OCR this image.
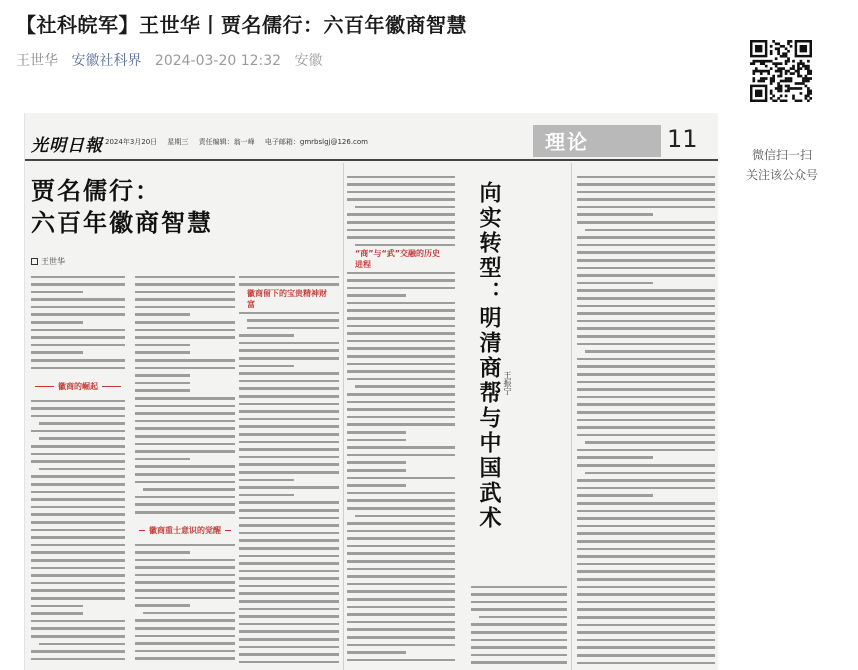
【社科皖军】王世华丨贾名儒行：六百年徽商智慧
王世华 安徽社科界 2024-03-20 12:32 安徽
微信扫一扫
关注该公众号
光明日報 2024年3月20日 星期三 责任编辑：翁一峰 电子邮箱：gmrbslgj@126.com	理论	11
贾名儒行：
六百年徽商智慧
王世华
徽商的崛起
徽商重士意识的觉醒
徽商留下的宝贵精神财富
“商”与“武”交融的历史进程	向实转型：明清商帮与中国武术 王振宁
